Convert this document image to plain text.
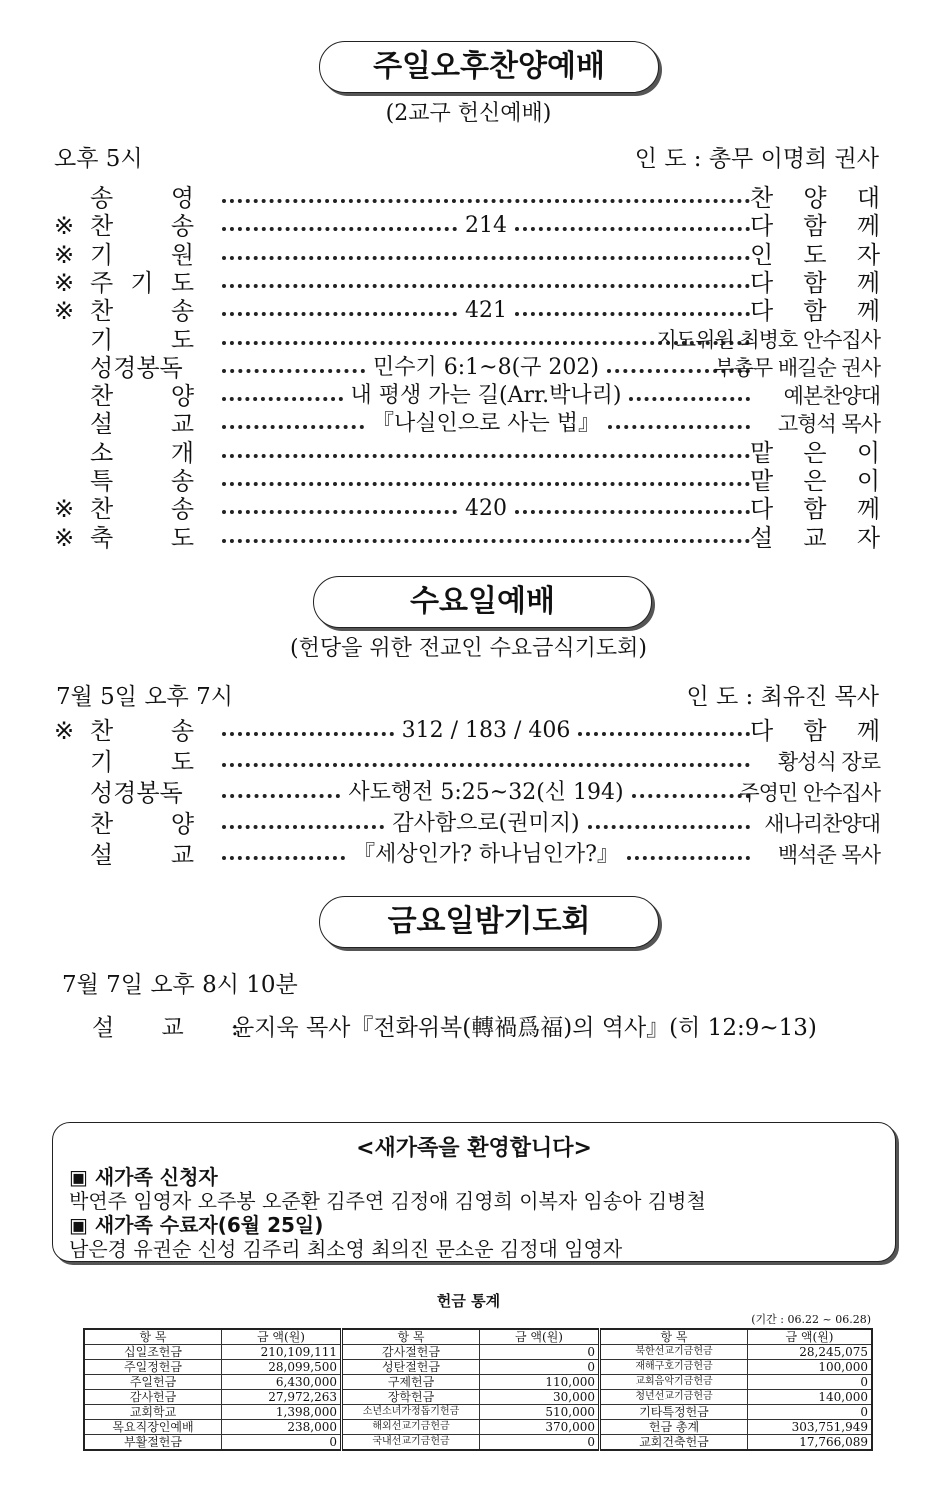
주일오후찬양예배
(2교구 헌신예배)
오후 5시	인 도 : 총무 이명희 권사
송 영	찬 양 대
※ 찬 송	214	다 함 께
※ 기 원	인 도 자
※ 주 기 도	다 함 께
※ 찬 송	421	다 함 께
기 도	지도위원 최병호 안수집사
성경봉독	민수기 6:1~8(구 202)	부총무 배길순 권사
찬 양	내 평생 가는 길(Arr.박나리)	예본찬양대
설 교	『나실인으로 사는 법』	고형석 목사
소 개	맡 은 이
특 송	맡 은 이
※ 찬 송	420	다 함 께
※ 축 도	설 교 자
수요일예배
(헌당을 위한 전교인 수요금식기도회)
7월 5일 오후 7시	인 도 : 최유진 목사
※ 찬 송	312 / 183 / 406	다 함 께
기 도	황성식 장로
성경봉독	사도행전 5:25~32(신 194)	주영민 안수집사
찬 양	감사함으로(권미지)	새나리찬양대
설 교	『세상인가? 하나님인가?』	백석준 목사
금요일밤기도회
7월 7일 오후 8시 10분
설 교 :
윤지욱 목사『전화위복(轉禍爲福)의 역사』(히 12:9~13)
<새가족을 환영합니다>
▣ 새가족 신청자
박연주 임영자 오주봉 오준환 김주연 김정애 김영희 이복자 임송아 김병철
▣ 새가족 수료자(6월 25일)
남은경 유권순 신성 김주리 최소영 최의진 문소운 김정대 임영자
헌금 통계
(기간 : 06.22 ~ 06.28)
항 목	금 액(원)	항 목	금 액(원)	항 목	금 액(원)
십일조헌금	210,109,111	감사절헌금	0	북한선교기금헌금	28,245,075
주일정헌금	28,099,500	성탄절헌금	0	재해구호기금헌금	100,000
주일헌금	6,430,000	구제헌금	110,000	교회음악기금헌금	0
감사헌금	27,972,263	장학헌금	30,000	청년선교기금헌금	140,000
교회학교	1,398,000	소년소녀가정돕기헌금	510,000	기타특정헌금	0
목요직장인예배	238,000	해외선교기금헌금	370,000	헌금 총계	303,751,949
부활절헌금	0	국내선교기금헌금	0	교회건축헌금	17,766,089
